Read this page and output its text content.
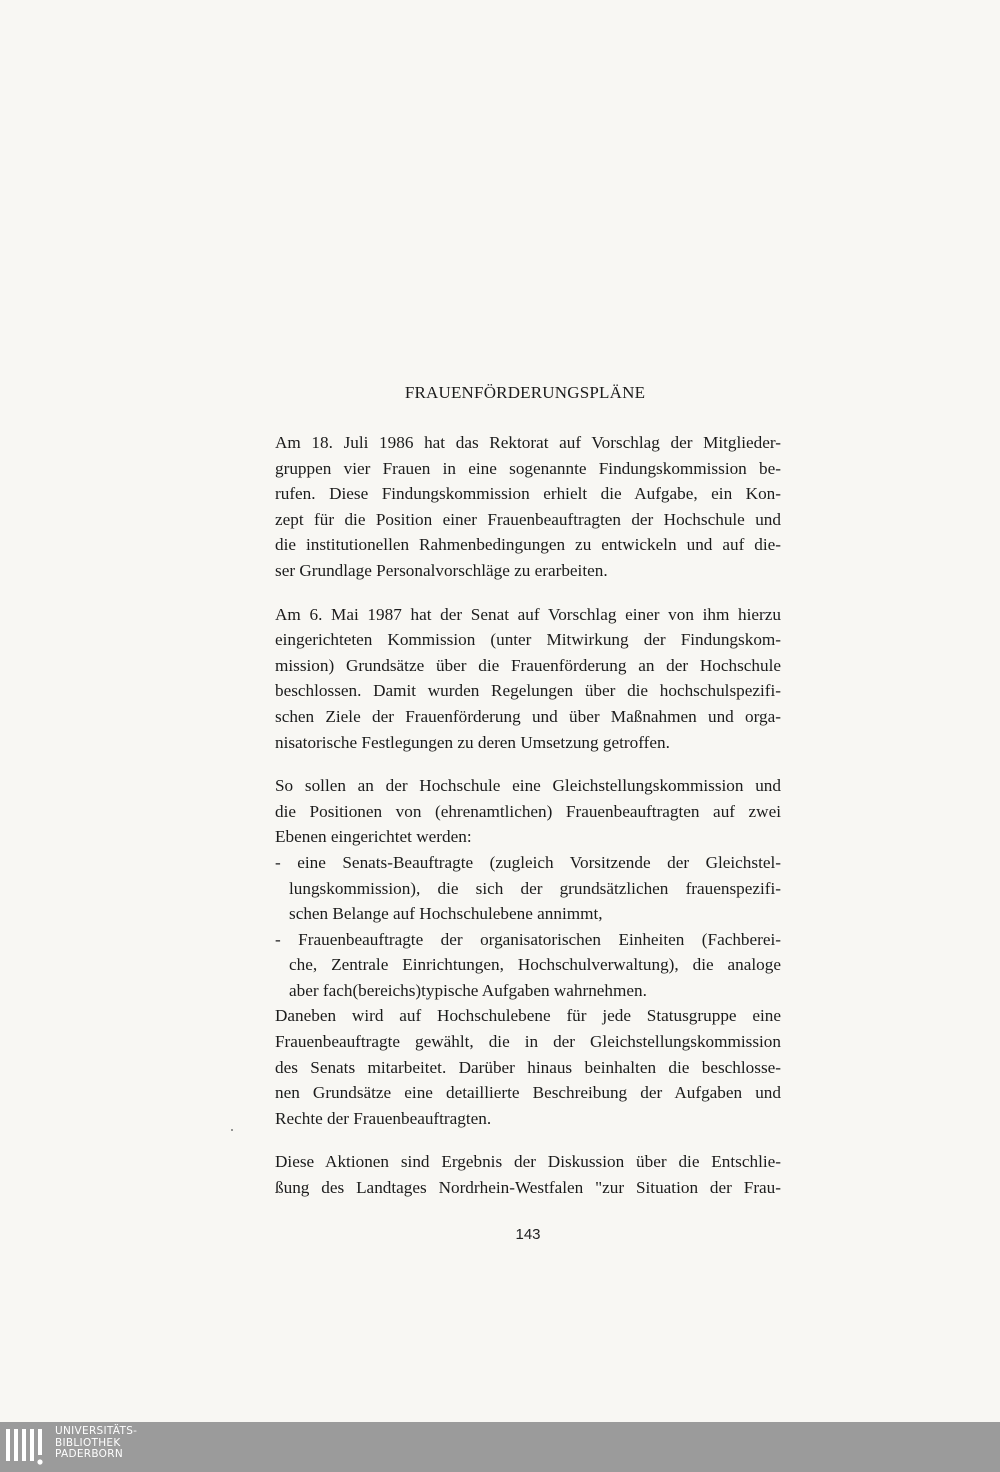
FRAUENFÖRDERUNGSPLÄNE
Am 18. Juli 1986 hat das Rektorat auf Vorschlag der Mitglieder-
gruppen vier Frauen in eine sogenannte Findungskommission be-
rufen. Diese Findungskommission erhielt die Aufgabe, ein Kon-
zept für die Position einer Frauenbeauftragten der Hochschule und
die institutionellen Rahmenbedingungen zu entwickeln und auf die-
ser Grundlage Personalvorschläge zu erarbeiten.
Am 6. Mai 1987 hat der Senat auf Vorschlag einer von ihm hierzu
eingerichteten Kommission (unter Mitwirkung der Findungskom-
mission) Grundsätze über die Frauenförderung an der Hochschule
beschlossen. Damit wurden Regelungen über die hochschulspezifi-
schen Ziele der Frauenförderung und über Maßnahmen und orga-
nisatorische Festlegungen zu deren Umsetzung getroffen.
So sollen an der Hochschule eine Gleichstellungskommission und
die Positionen von (ehrenamtlichen) Frauenbeauftragten auf zwei
Ebenen eingerichtet werden:
- eine Senats-Beauftragte (zugleich Vorsitzende der Gleichstel-
lungskommission), die sich der grundsätzlichen frauenspezifi-
schen Belange auf Hochschulebene annimmt,
- Frauenbeauftragte der organisatorischen Einheiten (Fachberei-
che, Zentrale Einrichtungen, Hochschulverwaltung), die analoge
aber fach(bereichs)typische Aufgaben wahrnehmen.
Daneben wird auf Hochschulebene für jede Statusgruppe eine
Frauenbeauftragte gewählt, die in der Gleichstellungskommission
des Senats mitarbeitet. Darüber hinaus beinhalten die beschlosse-
nen Grundsätze eine detaillierte Beschreibung der Aufgaben und
Rechte der Frauenbeauftragten.
Diese Aktionen sind Ergebnis der Diskussion über die Entschlie-
ßung des Landtages Nordrhein-Westfalen "zur Situation der Frau-
143
UNIVERSITÄTS-
BIBLIOTHEK
PADERBORN
